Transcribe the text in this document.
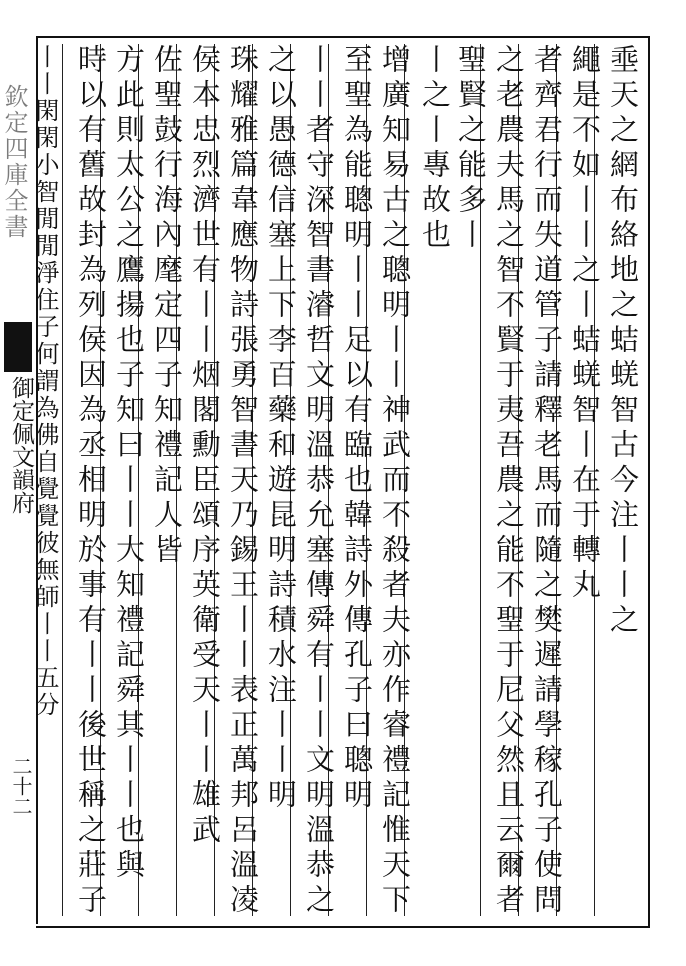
欽定四庫全書
御定佩文韻府
二十二
埀天之網布絡地之蛣蜣智古今注丨丨之
繩是不如丨丨之丨蛣蜣智丨在于轉丸
者齊君行而失道管子請釋老馬而隨之樊遲請學稼孔子使問
之老農夫馬之智不賢于夷吾農之能不聖于尼父然且云爾者
聖賢之能多丨
丨之丨專故也
增廣知易古之聰明丨丨神武而不殺者夫亦作睿禮記惟天下
至聖為能聰明丨丨足以有臨也韓詩外傳孔子曰聰明
丨丨者守深智書濬哲文明溫恭允塞傳舜有丨丨文明溫恭之
之以愚德信塞上下李百藥和遊昆明詩積水注丨丨明
珠耀雅篇韋應物詩張勇智書天乃錫王丨丨表正萬邦呂溫凌
侯本忠烈濟世有丨丨烟閣勳臣頌序英衛受天丨丨雄武
佐聖鼓行海內麾定四子知禮記人皆
方此則太公之鷹揚也子知曰丨丨大知禮記舜其丨丨也與
時以有舊故封為列侯因為丞相明於事有丨丨後世稱之莊子
丨丨閑閑小智閒閒淨住子何謂為佛自覺覺彼無師丨丨五分
